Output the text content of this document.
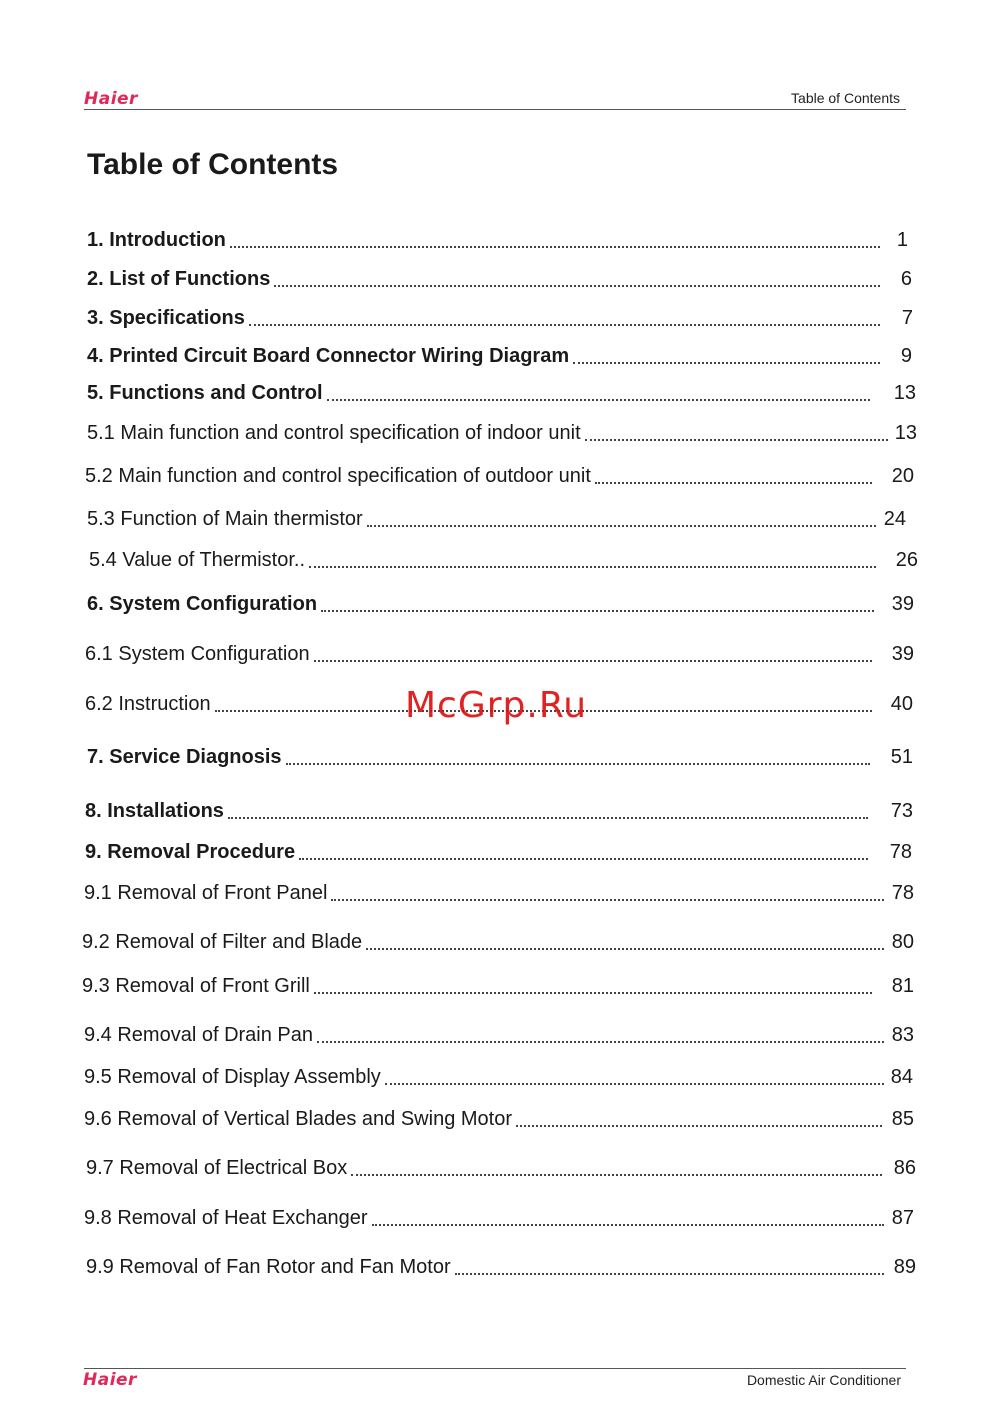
Haier	Table of Contents
Table of Contents
1. Introduction	1
2. List of Functions	6
3. Specifications	7
4. Printed Circuit Board Connector Wiring Diagram	9
5. Functions and Control	13
5.1 Main function and control specification of indoor unit	13
5.2 Main function and control specification of outdoor unit	20
5.3 Function of Main thermistor	24
5.4 Value of Thermistor..	26
6. System Configuration	39
6.1 System Configuration	39
6.2 Instruction	40
7. Service Diagnosis	51
8. Installations	73
9. Removal Procedure	78
9.1 Removal of Front Panel	78
9.2 Removal of Filter and Blade	80
9.3 Removal of Front Grill	81
9.4 Removal of Drain Pan	83
9.5 Removal of Display Assembly	84
9.6 Removal of Vertical Blades and Swing Motor	85
9.7 Removal of Electrical Box	86
9.8 Removal of Heat Exchanger	87
9.9 Removal of Fan Rotor and Fan Motor	89
McGrp.Ru
Haier	Domestic Air Conditioner
